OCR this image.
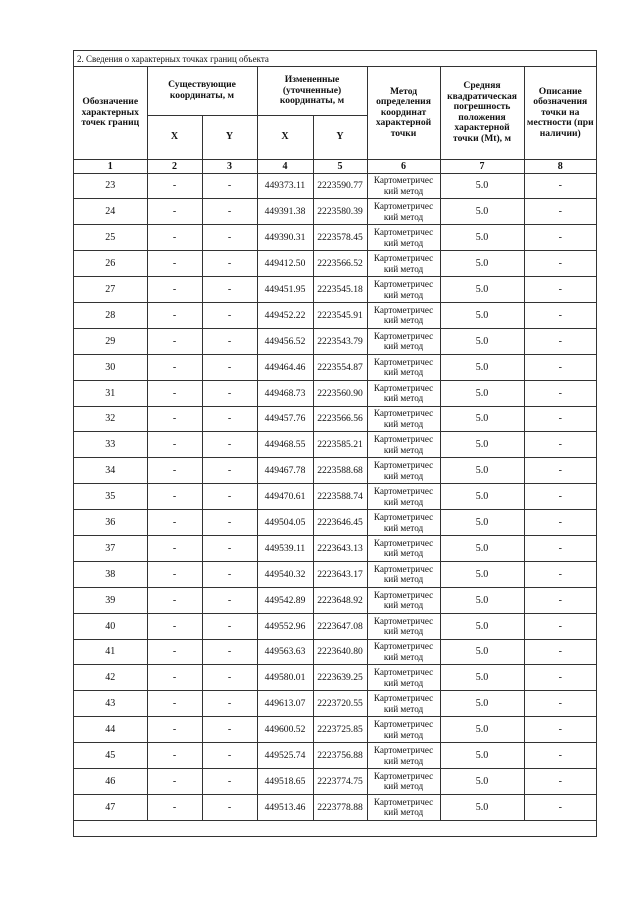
2. Сведения о характерных точках границ объекта
Обозначение характерных точек границ	Существующие координаты, м		Измененные (уточненные) координаты, м		Метод определения координат характерной точки	Средняя квадратическая погрешность положения характерной точки (Mt), м	Описание обозначения точки на местности (при наличии)
	X	Y	X	Y			
1	2	3	4	5	6	7	8
23	-	-	449373.11	2223590.77	Картометричес кий метод	5.0	-
24	-	-	449391.38	2223580.39	Картометричес кий метод	5.0	-
25	-	-	449390.31	2223578.45	Картометричес кий метод	5.0	-
26	-	-	449412.50	2223566.52	Картометричес кий метод	5.0	-
27	-	-	449451.95	2223545.18	Картометричес кий метод	5.0	-
28	-	-	449452.22	2223545.91	Картометричес кий метод	5.0	-
29	-	-	449456.52	2223543.79	Картометричес кий метод	5.0	-
30	-	-	449464.46	2223554.87	Картометричес кий метод	5.0	-
31	-	-	449468.73	2223560.90	Картометричес кий метод	5.0	-
32	-	-	449457.76	2223566.56	Картометричес кий метод	5.0	-
33	-	-	449468.55	2223585.21	Картометричес кий метод	5.0	-
34	-	-	449467.78	2223588.68	Картометричес кий метод	5.0	-
35	-	-	449470.61	2223588.74	Картометричес кий метод	5.0	-
36	-	-	449504.05	2223646.45	Картометричес кий метод	5.0	-
37	-	-	449539.11	2223643.13	Картометричес кий метод	5.0	-
38	-	-	449540.32	2223643.17	Картометричес кий метод	5.0	-
39	-	-	449542.89	2223648.92	Картометричес кий метод	5.0	-
40	-	-	449552.96	2223647.08	Картометричес кий метод	5.0	-
41	-	-	449563.63	2223640.80	Картометричес кий метод	5.0	-
42	-	-	449580.01	2223639.25	Картометричес кий метод	5.0	-
43	-	-	449613.07	2223720.55	Картометричес кий метод	5.0	-
44	-	-	449600.52	2223725.85	Картометричес кий метод	5.0	-
45	-	-	449525.74	2223756.88	Картометричес кий метод	5.0	-
46	-	-	449518.65	2223774.75	Картометричес кий метод	5.0	-
47	-	-	449513.46	2223778.88	Картометричес кий метод	5.0	-
